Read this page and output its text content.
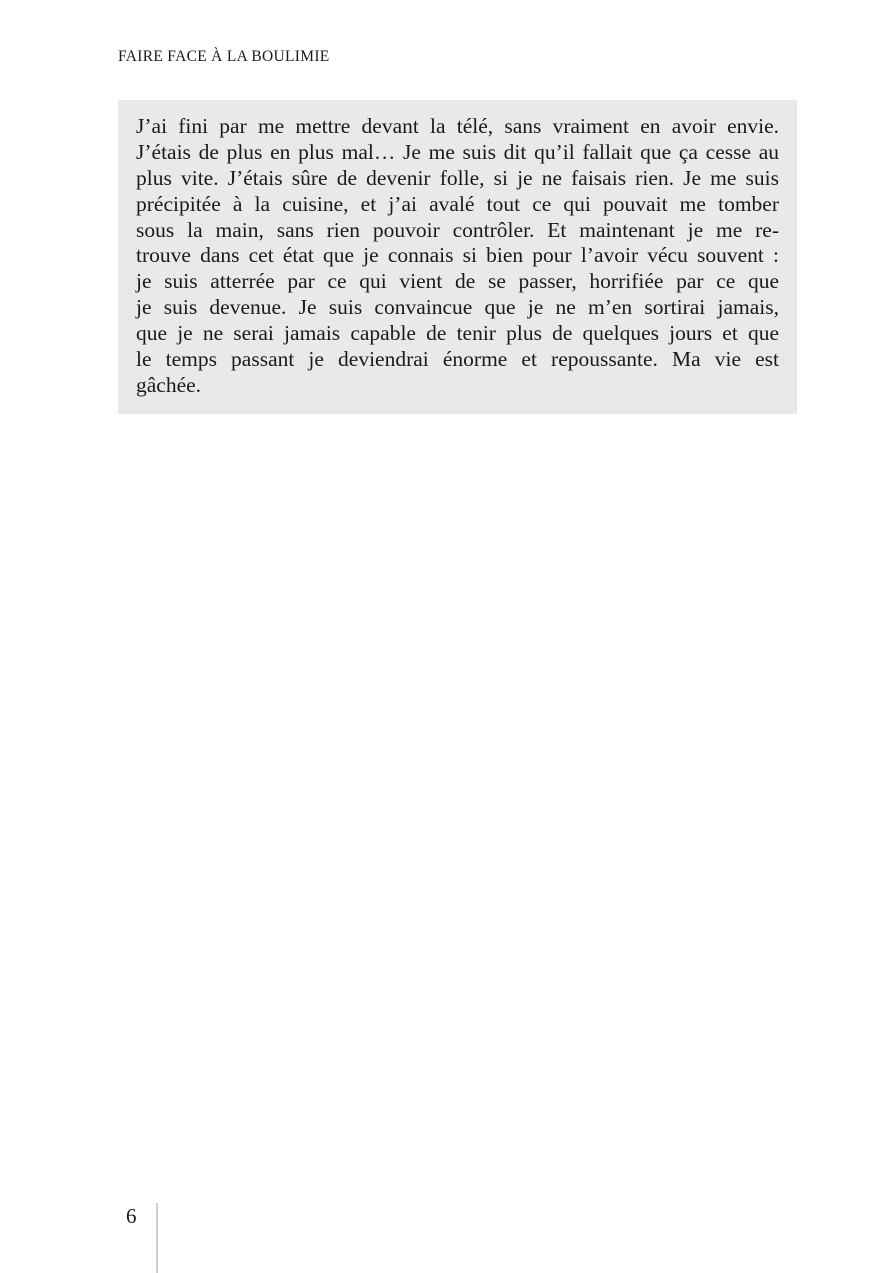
FAIRE FACE À LA BOULIMIE
J’ai fini par me mettre devant la télé, sans vraiment en avoir envie.
J’étais de plus en plus mal… Je me suis dit qu’il fallait que ça cesse au
plus vite. J’étais sûre de devenir folle, si je ne faisais rien. Je me suis
précipitée à la cuisine, et j’ai avalé tout ce qui pouvait me tomber
sous la main, sans rien pouvoir contrôler. Et maintenant je me re-
trouve dans cet état que je connais si bien pour l’avoir vécu souvent :
je suis atterrée par ce qui vient de se passer, horrifiée par ce que
je suis devenue. Je suis convaincue que je ne m’en sortirai jamais,
que je ne serai jamais capable de tenir plus de quelques jours et que
le temps passant je deviendrai énorme et repoussante. Ma vie est
gâchée.
6
